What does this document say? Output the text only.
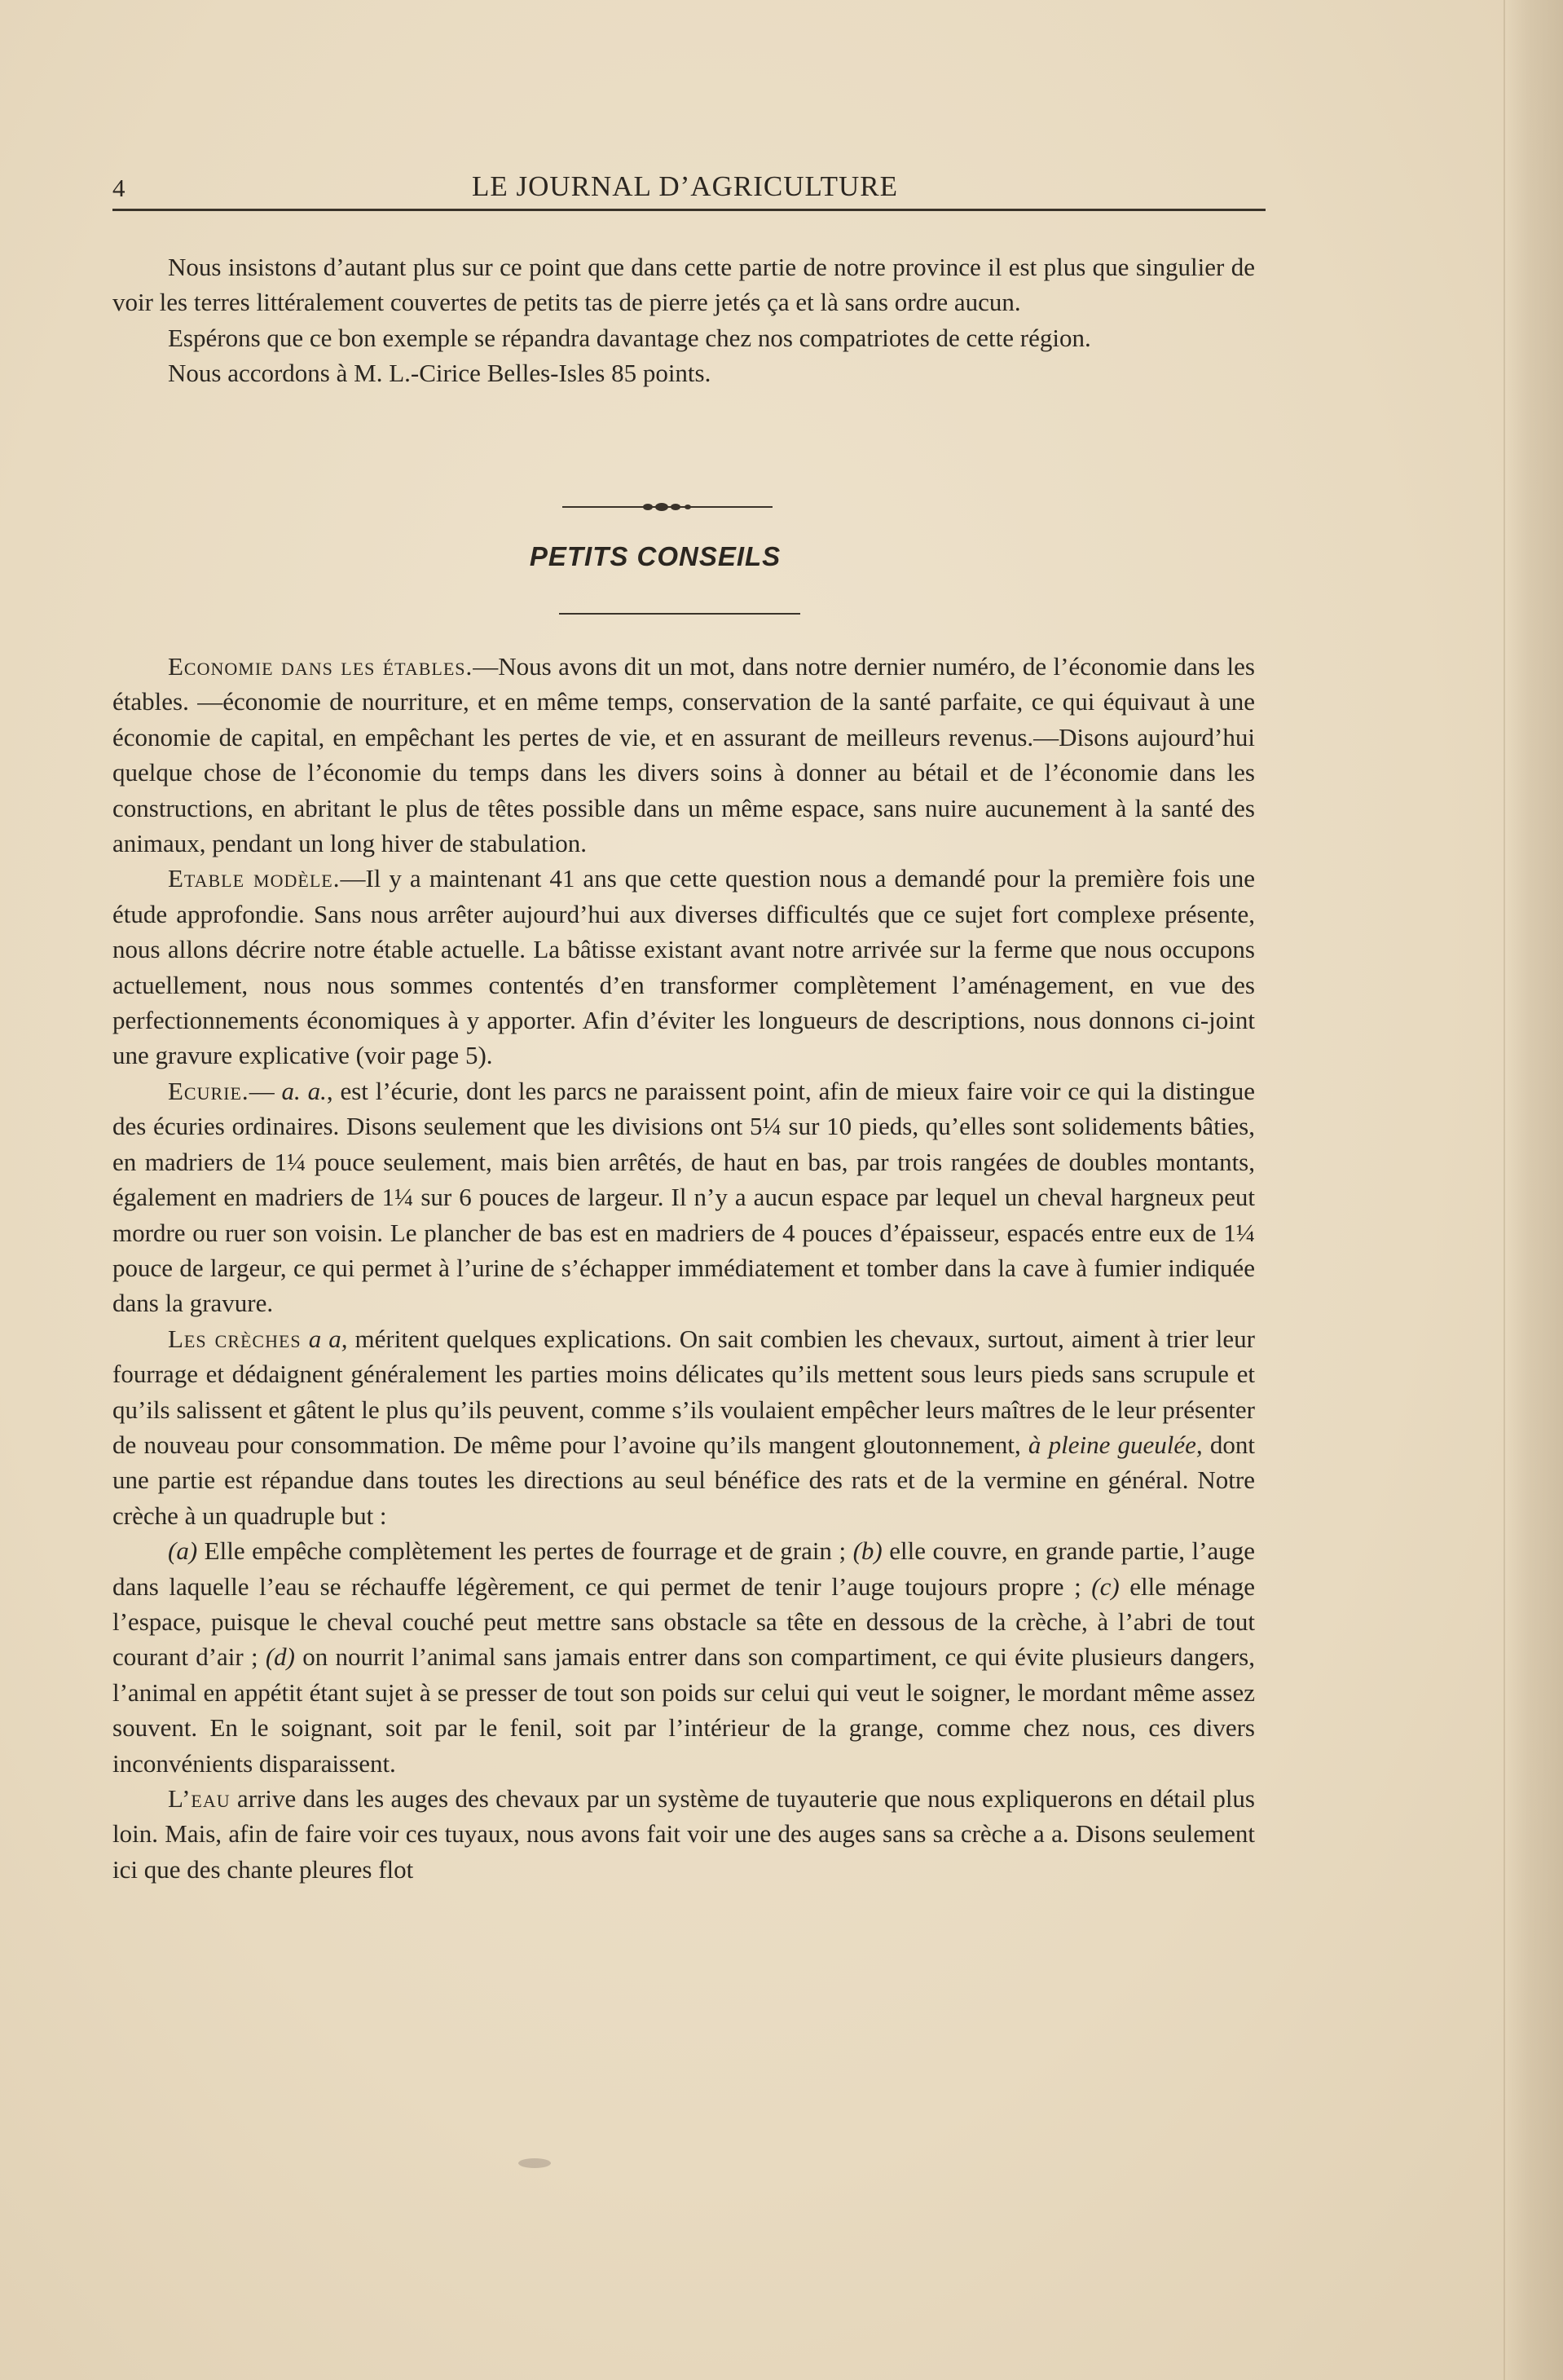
4	LE JOURNAL D’AGRICULTURE

Nous insistons d’autant plus sur ce point que dans cette partie de notre province il est plus que singulier de voir les terres littéralement couvertes de petits tas de pierre jetés ça et là sans ordre aucun.

Espérons que ce bon exemple se répandra davantage chez nos compatriotes de cette région.

Nous accordons à M. L.-Cirice Belles-Isles 85 points.

PETITS CONSEILS

Economie dans les étables.—Nous avons dit un mot, dans notre dernier numéro, de l’économie dans les étables. —économie de nourriture, et en même temps, conservation de la santé parfaite, ce qui équivaut à une économie de capital, en empêchant les pertes de vie, et en assurant de meilleurs revenus.—Disons aujourd’hui quelque chose de l’économie du temps dans les divers soins à donner au bétail et de l’économie dans les constructions, en abritant le plus de têtes possible dans un même espace, sans nuire aucunement à la santé des animaux, pendant un long hiver de stabulation.

Etable modèle.—Il y a maintenant 41 ans que cette question nous a demandé pour la première fois une étude approfondie. Sans nous arrêter aujourd’hui aux diverses difficultés que ce sujet fort complexe présente, nous allons décrire notre étable actuelle. La bâtisse existant avant notre arrivée sur la ferme que nous occupons actuellement, nous nous sommes contentés d’en transformer complètement l’aménagement, en vue des perfectionnements économiques à y apporter. Afin d’éviter les longueurs de descriptions, nous donnons ci-joint une gravure explicative (voir page 5).

Ecurie.— a. a., est l’écurie, dont les parcs ne paraissent point, afin de mieux faire voir ce qui la distingue des écuries ordinaires. Disons seulement que les divisions ont 5¼ sur 10 pieds, qu’elles sont solidements bâties, en madriers de 1¼ pouce seulement, mais bien arrêtés, de haut en bas, par trois rangées de doubles montants, également en madriers de 1¼ sur 6 pouces de largeur. Il n’y a aucun espace par lequel un cheval hargneux peut mordre ou ruer son voisin. Le plancher de bas est en madriers de 4 pouces d’épaisseur, espacés entre eux de 1¼ pouce de largeur, ce qui permet à l’urine de s’échapper immédiatement et tomber dans la cave à fumier indiquée dans la gravure.

Les crèches a a, méritent quelques explications. On sait combien les chevaux, surtout, aiment à trier leur fourrage et dédaignent généralement les parties moins délicates qu’ils mettent sous leurs pieds sans scrupule et qu’ils salissent et gâtent le plus qu’ils peuvent, comme s’ils voulaient empêcher leurs maîtres de le leur présenter de nouveau pour consommation. De même pour l’avoine qu’ils mangent gloutonnement, à pleine gueulée, dont une partie est répandue dans toutes les directions au seul bénéfice des rats et de la vermine en général. Notre crèche à un quadruple but :

(a) Elle empêche complètement les pertes de fourrage et de grain ; (b) elle couvre, en grande partie, l’auge dans laquelle l’eau se réchauffe légèrement, ce qui permet de tenir l’auge toujours propre ; (c) elle ménage l’espace, puisque le cheval couché peut mettre sans obstacle sa tête en dessous de la crèche, à l’abri de tout courant d’air ; (d) on nourrit l’animal sans jamais entrer dans son compartiment, ce qui évite plusieurs dangers, l’animal en appétit étant sujet à se presser de tout son poids sur celui qui veut le soigner, le mordant même assez souvent. En le soignant, soit par le fenil, soit par l’intérieur de la grange, comme chez nous, ces divers inconvénients disparaissent.

L’eau arrive dans les auges des chevaux par un système de tuyauterie que nous expliquerons en détail plus loin. Mais, afin de faire voir ces tuyaux, nous avons fait voir une des auges sans sa crèche a a. Disons seulement ici que des chante pleures flot
